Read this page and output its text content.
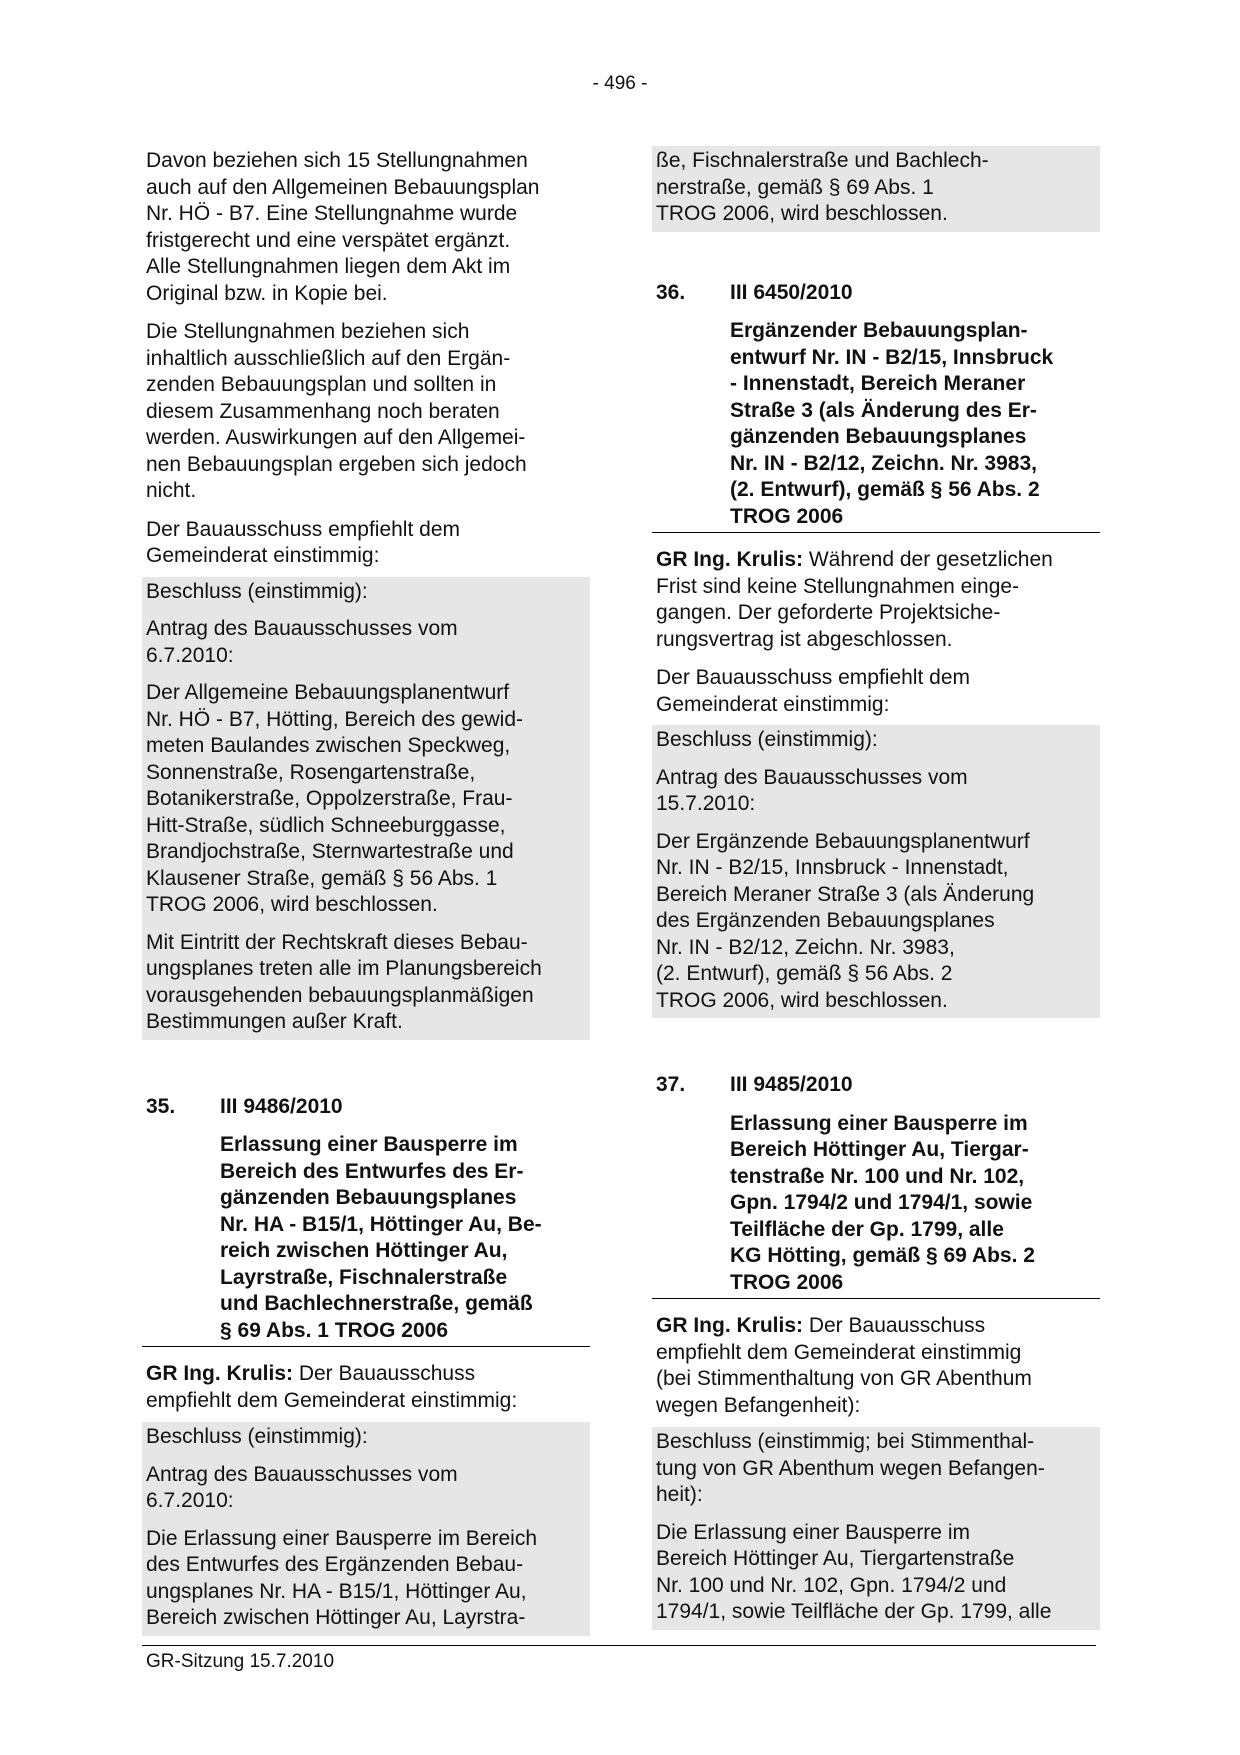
- 496 -

Davon beziehen sich 15 Stellungnahmen
auch auf den Allgemeinen Bebauungsplan
Nr. HÖ - B7. Eine Stellungnahme wurde
fristgerecht und eine verspätet ergänzt.
Alle Stellungnahmen liegen dem Akt im
Original bzw. in Kopie bei.

Die Stellungnahmen beziehen sich
inhaltlich ausschließlich auf den Ergän-
zenden Bebauungsplan und sollten in
diesem Zusammenhang noch beraten
werden. Auswirkungen auf den Allgemei-
nen Bebauungsplan ergeben sich jedoch
nicht.

Der Bauausschuss empfiehlt dem
Gemeinderat einstimmig:

Beschluss (einstimmig):

Antrag des Bauausschusses vom
6.7.2010:

Der Allgemeine Bebauungsplanentwurf
Nr. HÖ - B7, Hötting, Bereich des gewid-
meten Baulandes zwischen Speckweg,
Sonnenstraße, Rosengartenstraße,
Botanikerstraße, Oppolzerstraße, Frau-
Hitt-Straße, südlich Schneeburggasse,
Brandjochstraße, Sternwartestraße und
Klausener Straße, gemäß § 56 Abs. 1
TROG 2006, wird beschlossen.

Mit Eintritt der Rechtskraft dieses Bebau-
ungsplanes treten alle im Planungsbereich
vorausgehenden bebauungsplanmäßigen
Bestimmungen außer Kraft.

35.	III 9486/2010
Erlassung einer Bausperre im
Bereich des Entwurfes des Er-
gänzenden Bebauungsplanes
Nr. HA - B15/1, Höttinger Au, Be-
reich zwischen Höttinger Au,
Layrstraße, Fischnalerstraße
und Bachlechnerstraße, gemäß
§ 69 Abs. 1 TROG 2006

GR Ing. Krulis: Der Bauausschuss
empfiehlt dem Gemeinderat einstimmig:

Beschluss (einstimmig):

Antrag des Bauausschusses vom
6.7.2010:

Die Erlassung einer Bausperre im Bereich
des Entwurfes des Ergänzenden Bebau-
ungsplanes Nr. HA - B15/1, Höttinger Au,
Bereich zwischen Höttinger Au, Layrstra-

ße, Fischnalerstraße und Bachlech-
nerstraße, gemäß § 69 Abs. 1
TROG 2006, wird beschlossen.

36.	III 6450/2010
Ergänzender Bebauungsplan-
entwurf Nr. IN - B2/15, Innsbruck
- Innenstadt, Bereich Meraner
Straße 3 (als Änderung des Er-
gänzenden Bebauungsplanes
Nr. IN - B2/12, Zeichn. Nr. 3983,
(2. Entwurf), gemäß § 56 Abs. 2
TROG 2006

GR Ing. Krulis: Während der gesetzlichen
Frist sind keine Stellungnahmen einge-
gangen. Der geforderte Projektsiche-
rungsvertrag ist abgeschlossen.

Der Bauausschuss empfiehlt dem
Gemeinderat einstimmig:

Beschluss (einstimmig):

Antrag des Bauausschusses vom
15.7.2010:

Der Ergänzende Bebauungsplanentwurf
Nr. IN - B2/15, Innsbruck - Innenstadt,
Bereich Meraner Straße 3 (als Änderung
des Ergänzenden Bebauungsplanes
Nr. IN - B2/12, Zeichn. Nr. 3983,
(2. Entwurf), gemäß § 56 Abs. 2
TROG 2006, wird beschlossen.

37.	III 9485/2010
Erlassung einer Bausperre im
Bereich Höttinger Au, Tiergar-
tenstraße Nr. 100 und Nr. 102,
Gpn. 1794/2 und 1794/1, sowie
Teilfläche der Gp. 1799, alle
KG Hötting, gemäß § 69 Abs. 2
TROG 2006

GR Ing. Krulis: Der Bauausschuss
empfiehlt dem Gemeinderat einstimmig
(bei Stimmenthaltung von GR Abenthum
wegen Befangenheit):

Beschluss (einstimmig; bei Stimmenthal-
tung von GR Abenthum wegen Befangen-
heit):

Die Erlassung einer Bausperre im
Bereich Höttinger Au, Tiergartenstraße
Nr. 100 und Nr. 102, Gpn. 1794/2 und
1794/1, sowie Teilfläche der Gp. 1799, alle

GR-Sitzung 15.7.2010
